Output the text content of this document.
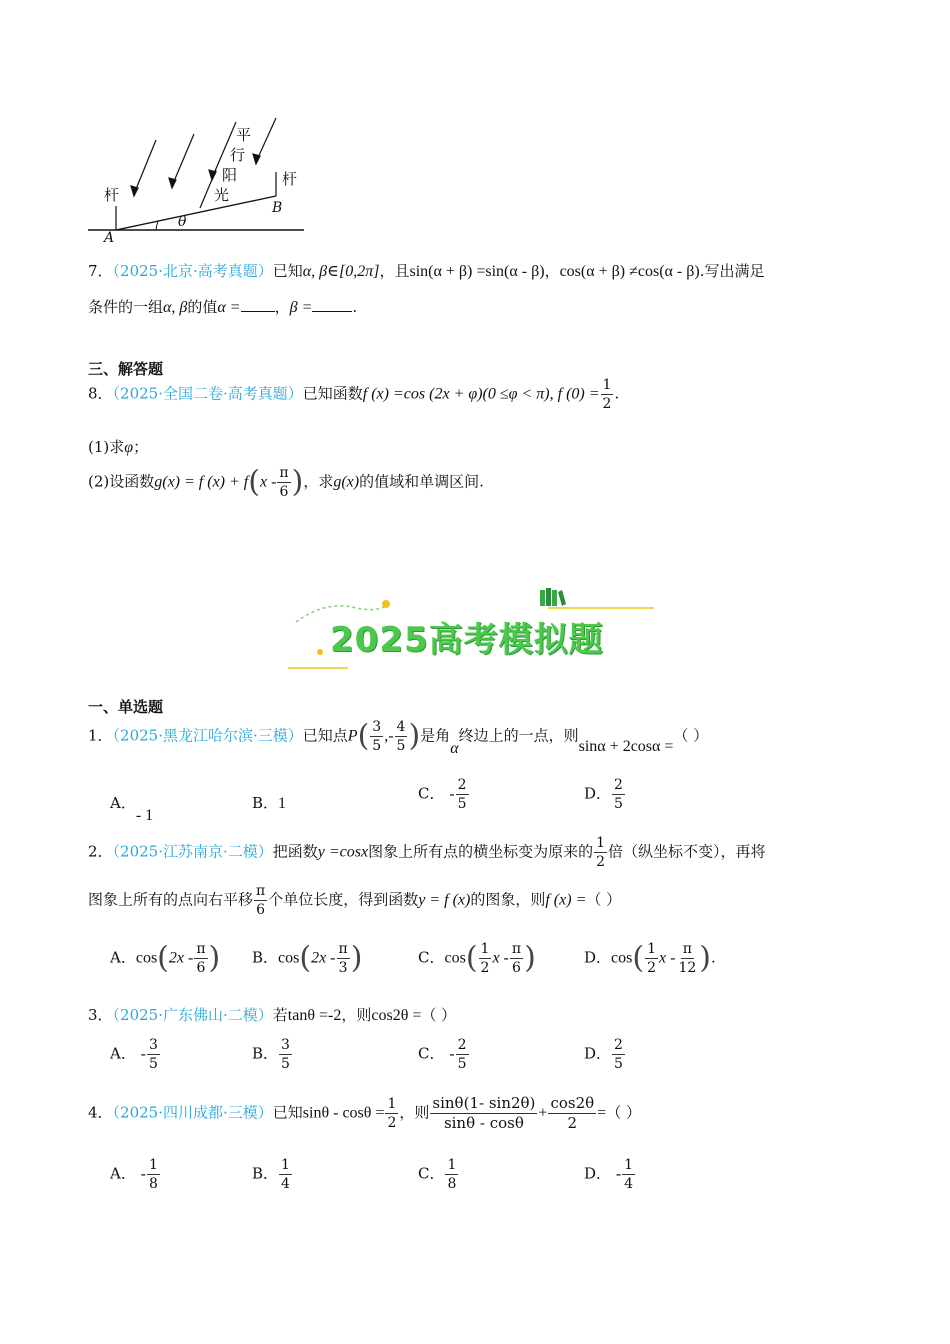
杆
杆
A
B
θ
平
行
阳
光
7．（2025·北京·高考真题）已知α, β∈[0,2π]，且sin(α + β) =sin(α - β)，cos(α + β) ≠cos(α - β).写出满足
条件的一组α, β的值α = ，β =	.
三、解答题
8．（2025·全国二卷·高考真题）已知函数f (x) =cos (2x + φ)(0 ≤φ < π), f $(0) = \frac{1}{2}$ .
(1)求φ；
(2)设函数g(x) = f $(x) + f(x - \frac{\pi}{6}$ )，求g(x)的值域和单调区间.
2025高考模拟题
一、单选题
1．（2025·黑龙江哈尔滨·三模）已知点$P( \frac{3}{5}$ ,- $\frac{4}{5}$ )是角α终边上的一点，则sinα + 2cosα =（ ）
A．- 1
B．1
C． - $\frac{2}{5}$	D． $\frac{2}{5}$
2．（2025·江苏南京·二模）把函数y =cosx图象上所有点的横坐标变为原来的 $\frac{1}{2}$ 倍（纵坐标不变），再将
图象上所有的点向右平移 $\frac{\pi}{6}$ 个单位长度，得到函数y = f (x)的图象，则f (x) =（ ）
A．$\cos(2x - \frac{\pi}{6}$ ) B．$\cos(2x - \frac{\pi}{3}$ )	C．$\cos( \frac{1}{2}$ x - $\frac{\pi}{6}$ )	D．$\cos( \frac{1}{2}$ x - $\frac{\pi}{12}$ ).
3．（2025·广东佛山·二模）若tanθ =-2，则cos2θ =（ ）
A． - $\frac{3}{5}$	B． $\frac{3}{5}$	C． - $\frac{2}{5}$	D． $\frac{2}{5}$
4．（2025·四川成都·三模）已知$\sin\theta - \cos\theta = \frac{1}{2}$ ，则 $\frac{\sin\theta(1- \sin 2\theta)}{\sin\theta - \cos\theta} + \frac{\cos 2\theta}{2}$ =（ ）
A． - $\frac{1}{8}$	B． $\frac{1}{4}$	C． $\frac{1}{8}$	D． - $\frac{1}{4}$
